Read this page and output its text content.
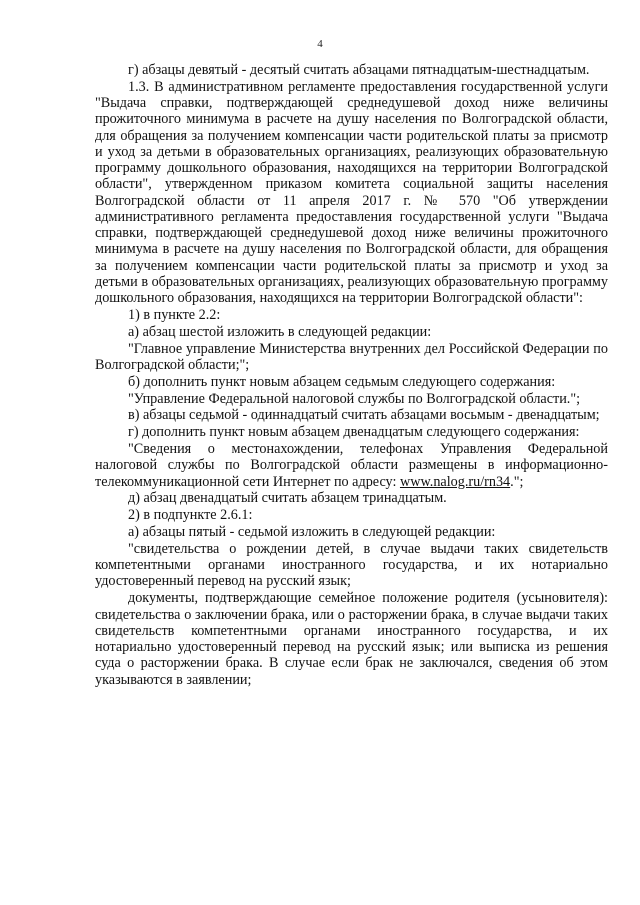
4

г) абзацы девятый - десятый считать абзацами пятнадцатым-шестнадцатым.

1.3. В административном регламенте предоставления государственной услуги "Выдача справки, подтверждающей среднедушевой доход ниже величины прожиточного минимума в расчете на душу населения по Волгоградской области, для обращения за получением компенсации части родительской платы за присмотр и уход за детьми в образовательных организациях, реализующих образовательную программу дошкольного образования, находящихся на территории Волгоградской области", утвержденном приказом комитета социальной защиты населения Волгоградской области от 11 апреля 2017 г. № 570 "Об утверждении административного регламента предоставления государственной услуги "Выдача справки, подтверждающей среднедушевой доход ниже величины прожиточного минимума в расчете на душу населения по Волгоградской области, для обращения за получением компенсации части родительской платы за присмотр и уход за детьми в образовательных организациях, реализующих образовательную программу дошкольного образования, находящихся на территории Волгоградской области":

1) в пункте 2.2:

а) абзац шестой изложить в следующей редакции:

"Главное управление Министерства внутренних дел Российской Федерации по Волгоградской области;";

б) дополнить пункт новым абзацем седьмым следующего содержания:

"Управление Федеральной налоговой службы по Волгоградской области.";

в) абзацы седьмой - одиннадцатый считать абзацами восьмым - двенадцатым;

г) дополнить пункт новым абзацем двенадцатым следующего содержания:

"Сведения о местонахождении, телефонах Управления Федеральной налоговой службы по Волгоградской области размещены в информационно-телекоммуникационной сети Интернет по адресу: www.nalog.ru/rn34.";

д) абзац двенадцатый считать абзацем тринадцатым.

2) в подпункте 2.6.1:

а) абзацы пятый - седьмой изложить в следующей редакции:

"свидетельства о рождении детей, в случае выдачи таких свидетельств компетентными органами иностранного государства, и их нотариально удостоверенный перевод на русский язык;

документы, подтверждающие семейное положение родителя (усыновителя): свидетельства о заключении брака, или о расторжении брака, в случае выдачи таких свидетельств компетентными органами иностранного государства, и их нотариально удостоверенный перевод на русский язык; или выписка из решения суда о расторжении брака. В случае если брак не заключался, сведения об этом указываются в заявлении;
